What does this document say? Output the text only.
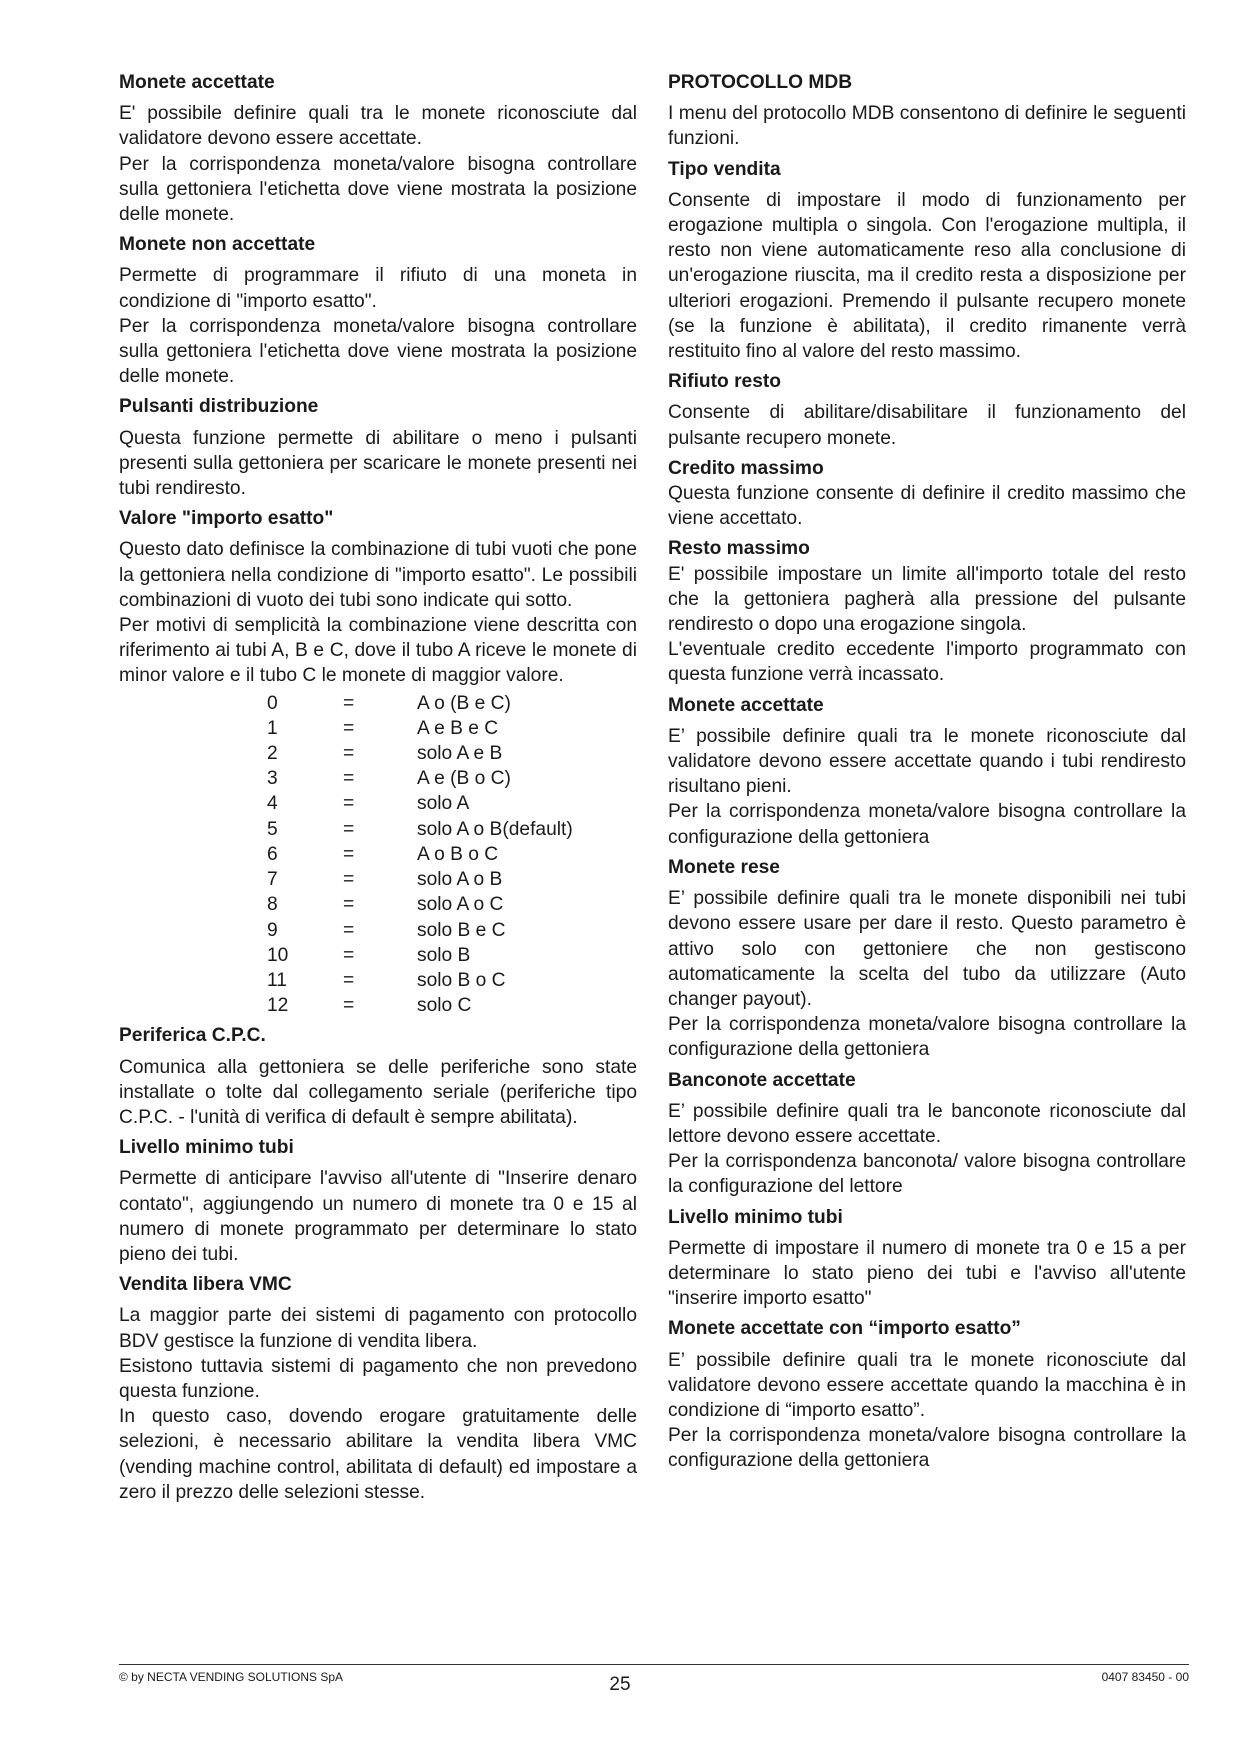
Monete accettate
E' possibile definire quali tra le monete riconosciute dal validatore devono essere accettate.
Per la corrispondenza moneta/valore bisogna controllare sulla gettoniera l'etichetta dove viene mostrata la posizione delle monete.
Monete non accettate
Permette di programmare il rifiuto di una moneta in condizione di "importo esatto".
Per la corrispondenza moneta/valore bisogna controllare sulla gettoniera l'etichetta dove viene mostrata la posizione delle monete.
Pulsanti distribuzione
Questa funzione permette di abilitare o meno i pulsanti presenti sulla gettoniera per scaricare le monete presenti nei tubi rendiresto.
Valore "importo esatto"
Questo dato definisce la combinazione di tubi vuoti che pone la gettoniera nella condizione di "importo esatto". Le possibili combinazioni di vuoto dei tubi sono indicate qui sotto.
Per motivi di semplicità la combinazione viene descritta con riferimento ai tubi A, B e C, dove il tubo A riceve le monete di minor valore e il tubo C le monete di maggior valore.
0	=	A o (B e C)
1	=	A e B e C
2	=	solo A e B
3	=	A e (B o C)
4	=	solo A
5	=	solo A o B(default)
6	=	A o B o C
7	=	solo A o B
8	=	solo A o C
9	=	solo B e C
10	=	solo B
11	=	solo B o C
12	=	solo C
Periferica C.P.C.
Comunica alla gettoniera se delle periferiche sono state installate o tolte dal collegamento seriale (periferiche tipo C.P.C. - l'unità di verifica di default è sempre abilitata).
Livello minimo tubi
Permette di anticipare l'avviso all'utente di "Inserire denaro contato", aggiungendo un numero di monete tra 0 e 15 al numero di monete programmato per determinare lo stato pieno dei tubi.
Vendita libera VMC
La maggior parte dei sistemi di pagamento con protocollo BDV gestisce la funzione di vendita libera.
Esistono tuttavia sistemi di pagamento che non prevedono questa funzione.
In questo caso, dovendo erogare gratuitamente delle selezioni, è necessario abilitare la vendita libera VMC (vending machine control, abilitata di default) ed impostare a zero il prezzo delle selezioni stesse.
PROTOCOLLO MDB
I menu del protocollo MDB consentono di definire le seguenti funzioni.
Tipo vendita
Consente di impostare il modo di funzionamento per erogazione multipla o singola. Con l'erogazione multipla, il resto non viene automaticamente reso alla conclusione di un'erogazione riuscita, ma il credito resta a disposizione per ulteriori erogazioni. Premendo il pulsante recupero monete (se la funzione è abilitata), il credito rimanente verrà restituito fino al valore del resto massimo.
Rifiuto resto
Consente di abilitare/disabilitare il funzionamento del pulsante recupero monete.
Credito massimo
Questa funzione consente di definire il credito massimo che viene accettato.
Resto massimo
E' possibile impostare un limite all'importo totale del resto che la gettoniera pagherà alla pressione del pulsante rendiresto o dopo una erogazione singola.
L'eventuale credito eccedente l'importo programmato con questa funzione verrà incassato.
Monete accettate
E’ possibile definire quali tra le monete riconosciute dal validatore devono essere accettate quando i tubi rendiresto risultano pieni.
Per la corrispondenza moneta/valore bisogna controllare la configurazione della gettoniera
Monete rese
E’ possibile definire quali tra le monete disponibili nei tubi devono essere usare per dare il resto. Questo parametro è attivo solo con gettoniere che non gestiscono automaticamente la scelta del tubo da utilizzare (Auto changer payout).
Per la corrispondenza moneta/valore bisogna controllare la configurazione della gettoniera
Banconote accettate
E’ possibile definire quali tra le banconote riconosciute dal lettore devono essere accettate.
Per la corrispondenza banconota/ valore bisogna controllare la configurazione del lettore
Livello minimo tubi
Permette di impostare il numero di monete tra 0 e 15 a per determinare lo stato pieno dei tubi e l'avviso all'utente "inserire importo esatto"
Monete accettate con “importo esatto”
E’ possibile definire quali tra le monete riconosciute dal validatore devono essere accettate quando la macchina è in condizione di “importo esatto”.
Per la corrispondenza moneta/valore bisogna controllare la configurazione della gettoniera
© by NECTA VENDING SOLUTIONS SpA	25	0407 83450 - 00
